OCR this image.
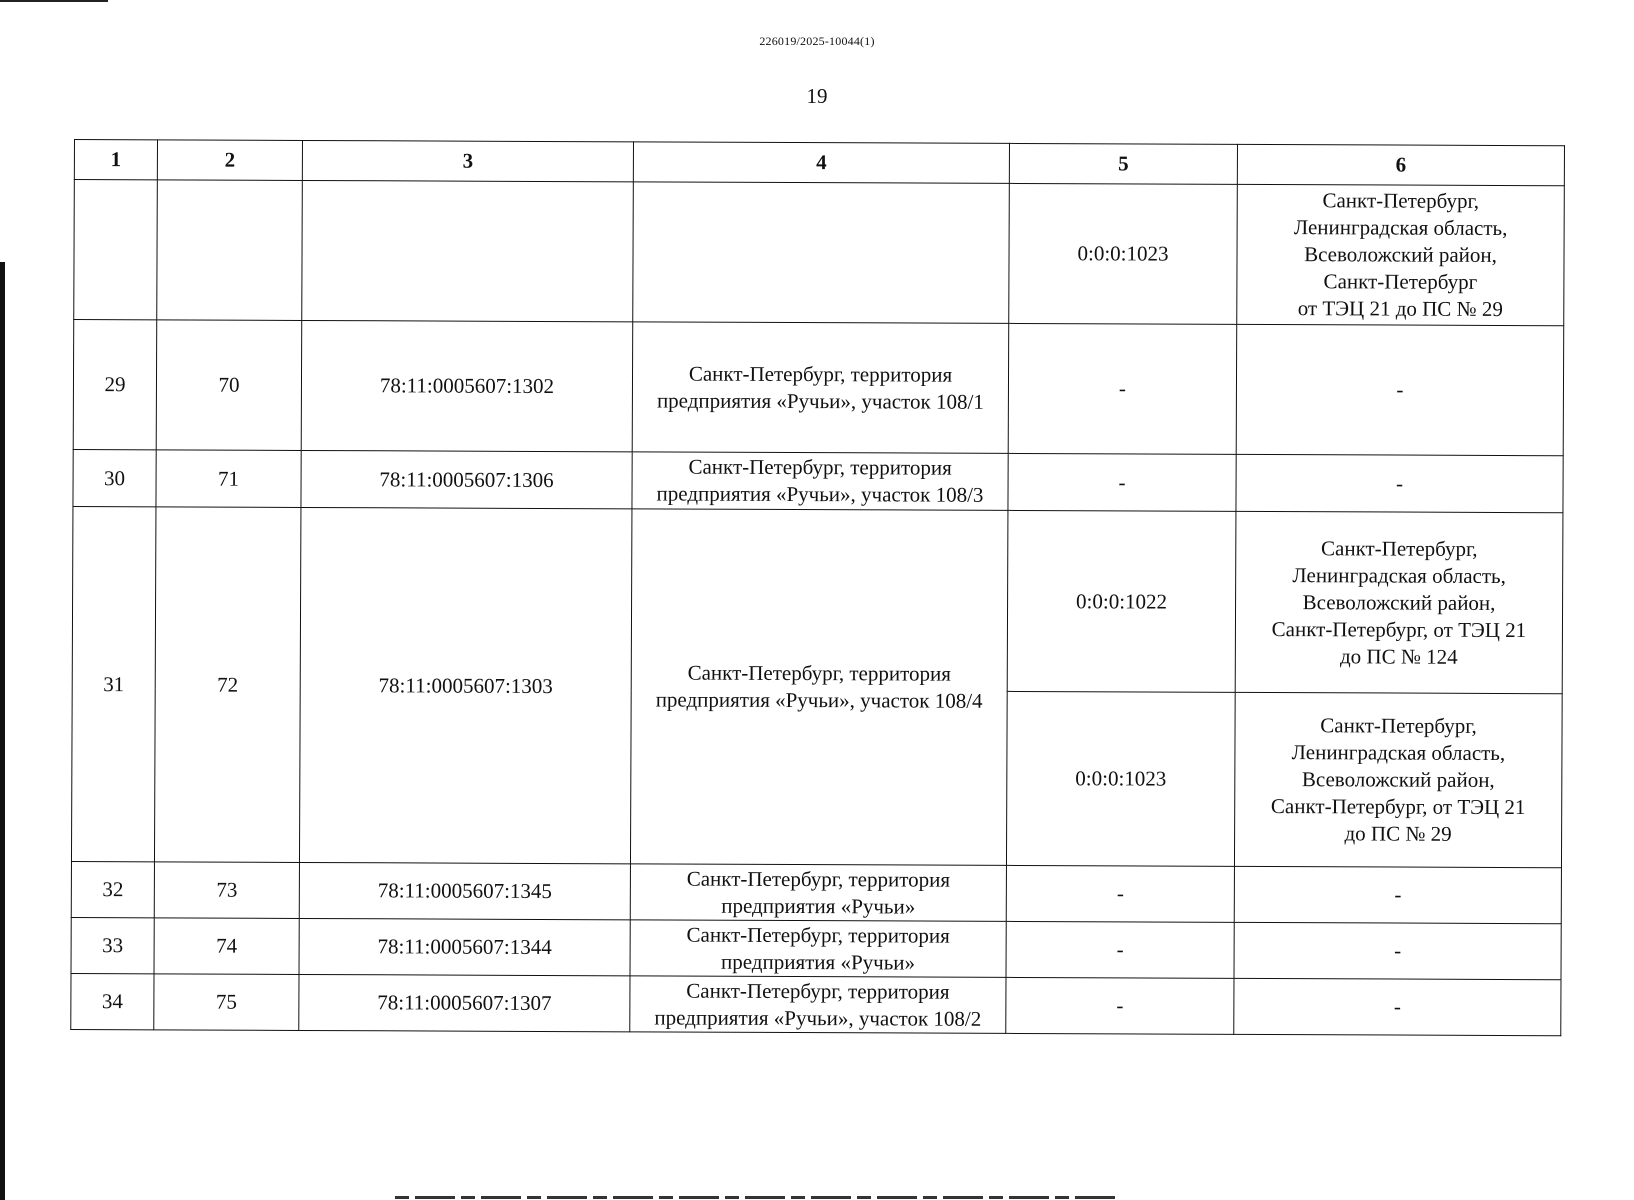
226019/2025-10044(1)
19
1	2	3	4	5	6
				0:0:0:1023	Санкт-Петербург,
Ленинградская область,
Всеволожский район,
Санкт-Петербург
от ТЭЦ 21 до ПС № 29

29	70	78:11:0005607:1302	Санкт-Петербург, территория
предприятия «Ручьи», участок 108/1	-	-
30	71	78:11:0005607:1306	Санкт-Петербург, территория
предприятия «Ручьи», участок 108/3	-	-
31	72	78:11:0005607:1303	Санкт-Петербург, территория
предприятия «Ручьи», участок 108/4	0:0:0:1022	Санкт-Петербург,
Ленинградская область,
Всеволожский район,
Санкт-Петербург, от ТЭЦ 21
до ПС № 124

				0:0:0:1023	Санкт-Петербург,
Ленинградская область,
Всеволожский район,
Санкт-Петербург, от ТЭЦ 21
до ПС № 29

32	73	78:11:0005607:1345	Санкт-Петербург, территория
предприятия «Ручьи»	-	-
33	74	78:11:0005607:1344	Санкт-Петербург, территория
предприятия «Ручьи»	-	-
34	75	78:11:0005607:1307	Санкт-Петербург, территория
предприятия «Ручьи», участок 108/2	-	-
